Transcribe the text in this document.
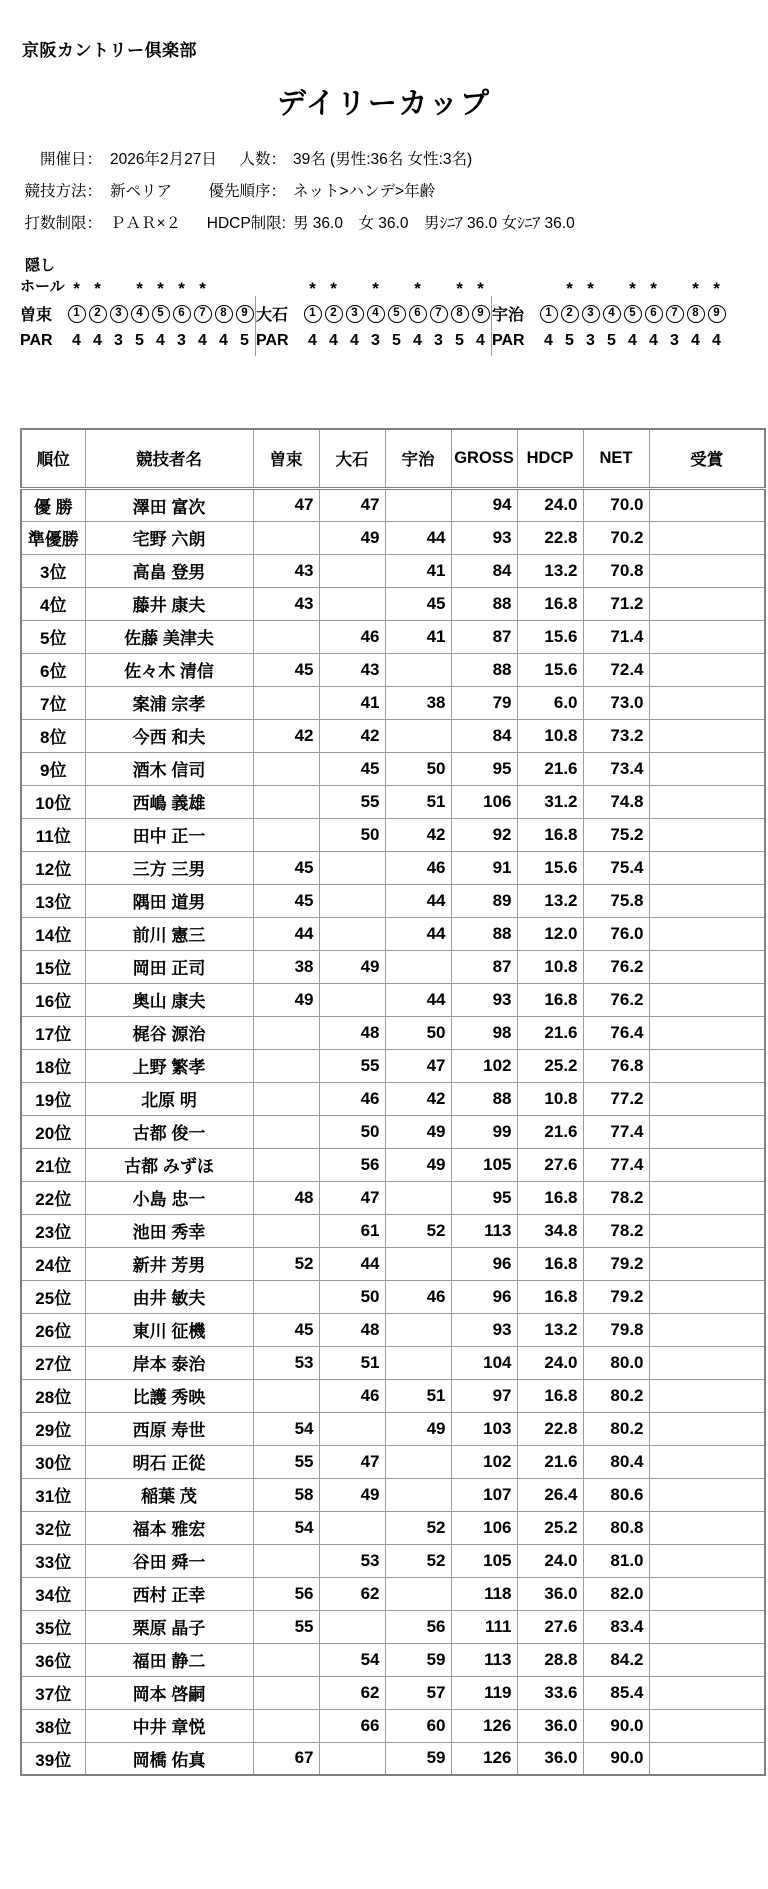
京阪カントリー倶楽部
デイリーカップ
開催日： 2026年2月27日	人数： 39名 (男性:36名 女性:3名)
競技方法： 新ペリア	優先順序： ネット>ハンデ>年齢
打数制限： ＰＡＲ×２	HDCP制限: 男 36.0　女 36.0　男ｼﾆｱ 36.0 女ｼﾆｱ 36.0
隠し
ホール * *	* * * *
曽束	1	2	3	4	5	6	7	8	9
PAR	4 4 3 5 4 3 4 4 5
* *	*	*	* *
大石	1	2	3	4	5	6	7	8	9
PAR	4 4 4 3 5 4 3 5 4
* *	* *	* *
宇治	1	2	3	4	5	6	7	8	9
PAR	4 5 3 5 4 4 3 4 4
順位	競技者名	曽束	大石	宇治	GROSS	HDCP	NET	受賞
優 勝	澤田 富次	47	47		94	24.0	70.0	
準優勝	宅野 六朗		49	44	93	22.8	70.2	
3位	高畠 登男	43		41	84	13.2	70.8	
4位	藤井 康夫	43		45	88	16.8	71.2	
5位	佐藤 美津夫		46	41	87	15.6	71.4	
6位	佐々木 清信	45	43		88	15.6	72.4	
7位	案浦 宗孝		41	38	79	6.0	73.0	
8位	今西 和夫	42	42		84	10.8	73.2	
9位	酒木 信司		45	50	95	21.6	73.4	
10位	西嶋 義雄		55	51	106	31.2	74.8	
11位	田中 正一		50	42	92	16.8	75.2	
12位	三方 三男	45		46	91	15.6	75.4	
13位	隅田 道男	45		44	89	13.2	75.8	
14位	前川 憲三	44		44	88	12.0	76.0	
15位	岡田 正司	38	49		87	10.8	76.2	
16位	奥山 康夫	49		44	93	16.8	76.2	
17位	梶谷 源治		48	50	98	21.6	76.4	
18位	上野 繁孝		55	47	102	25.2	76.8	
19位	北原 明		46	42	88	10.8	77.2	
20位	古都 俊一		50	49	99	21.6	77.4	
21位	古都 みずほ		56	49	105	27.6	77.4	
22位	小島 忠一	48	47		95	16.8	78.2	
23位	池田 秀幸		61	52	113	34.8	78.2	
24位	新井 芳男	52	44		96	16.8	79.2	
25位	由井 敏夫		50	46	96	16.8	79.2	
26位	東川 征機	45	48		93	13.2	79.8	
27位	岸本 泰治	53	51		104	24.0	80.0	
28位	比護 秀映		46	51	97	16.8	80.2	
29位	西原 寿世	54		49	103	22.8	80.2	
30位	明石 正從	55	47		102	21.6	80.4	
31位	稲葉 茂	58	49		107	26.4	80.6	
32位	福本 雅宏	54		52	106	25.2	80.8	
33位	谷田 舜一		53	52	105	24.0	81.0	
34位	西村 正幸	56	62		118	36.0	82.0	
35位	栗原 晶子	55		56	111	27.6	83.4	
36位	福田 静二		54	59	113	28.8	84.2	
37位	岡本 啓嗣		62	57	119	33.6	85.4	
38位	中井 章悦		66	60	126	36.0	90.0	
39位	岡橋 佑真	67		59	126	36.0	90.0	
